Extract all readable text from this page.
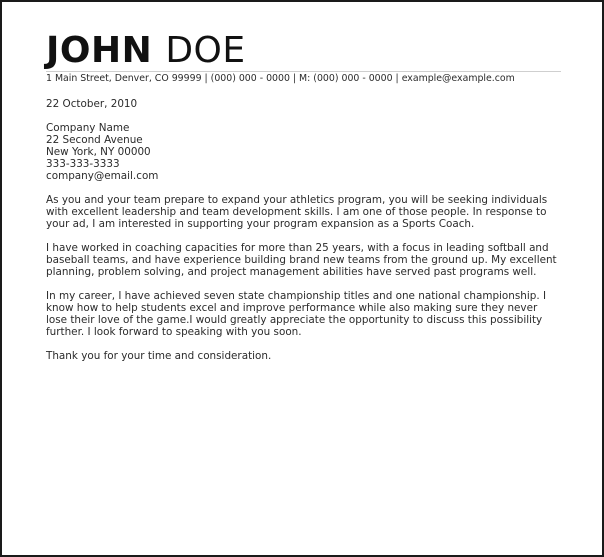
JOHN DOE
1 Main Street, Denver, CO 99999 | (000) 000 - 0000 | M: (000) 000 - 0000 | example@example.com
22 October, 2010
Company Name
22 Second Avenue
New York, NY 00000
333-333-3333
company@email.com

As you and your team prepare to expand your athletics program, you will be seeking individuals with excellent leadership and team development skills. I am one of those people. In response to your ad, I am interested in supporting your program expansion as a Sports Coach.

I have worked in coaching capacities for more than 25 years, with a focus in leading softball and baseball teams, and have experience building brand new teams from the ground up. My excellent planning, problem solving, and project management abilities have served past programs well.

In my career, I have achieved seven state championship titles and one national championship. I know how to help students excel and improve performance while also making sure they never lose their love of the game.I would greatly appreciate the opportunity to discuss this possibility further. I look forward to speaking with you soon.

Thank you for your time and consideration.
